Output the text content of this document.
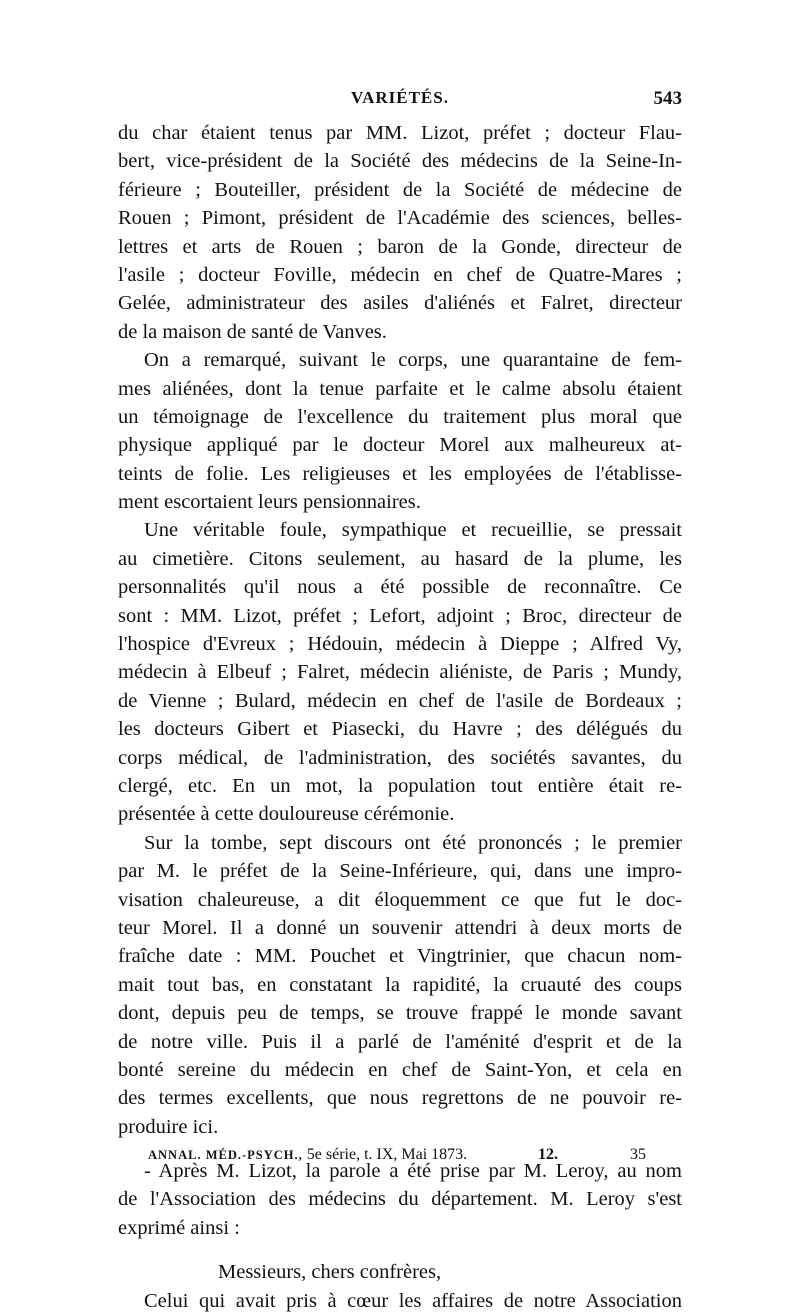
VARIÉTÉS.	543
du char étaient tenus par MM. Lizot, préfet ; docteur Flau-
bert, vice-président de la Société des médecins de la Seine-In-
férieure ; Bouteiller, président de la Société de médecine de
Rouen ; Pimont, président de l'Académie des sciences, belles-
lettres et arts de Rouen ; baron de la Gonde, directeur de
l'asile ; docteur Foville, médecin en chef de Quatre-Mares ;
Gelée, administrateur des asiles d'aliénés et Falret, directeur
de la maison de santé de Vanves.
On a remarqué, suivant le corps, une quarantaine de fem-
mes aliénées, dont la tenue parfaite et le calme absolu étaient
un témoignage de l'excellence du traitement plus moral que
physique appliqué par le docteur Morel aux malheureux at-
teints de folie. Les religieuses et les employées de l'établisse-
ment escortaient leurs pensionnaires.
Une véritable foule, sympathique et recueillie, se pressait
au cimetière. Citons seulement, au hasard de la plume, les
personnalités qu'il nous a été possible de reconnaître. Ce
sont : MM. Lizot, préfet ; Lefort, adjoint ; Broc, directeur de
l'hospice d'Evreux ; Hédouin, médecin à Dieppe ; Alfred Vy,
médecin à Elbeuf ; Falret, médecin aliéniste, de Paris ; Mundy,
de Vienne ; Bulard, médecin en chef de l'asile de Bordeaux ;
les docteurs Gibert et Piasecki, du Havre ; des délégués du
corps médical, de l'administration, des sociétés savantes, du
clergé, etc. En un mot, la population tout entière était re-
présentée à cette douloureuse cérémonie.
Sur la tombe, sept discours ont été prononcés ; le premier
par M. le préfet de la Seine-Inférieure, qui, dans une impro-
visation chaleureuse, a dit éloquemment ce que fut le doc-
teur Morel. Il a donné un souvenir attendri à deux morts de
fraîche date : MM. Pouchet et Vingtrinier, que chacun nom-
mait tout bas, en constatant la rapidité, la cruauté des coups
dont, depuis peu de temps, se trouve frappé le monde savant
de notre ville. Puis il a parlé de l'aménité d'esprit et de la
bonté sereine du médecin en chef de Saint-Yon, et cela en
des termes excellents, que nous regrettons de ne pouvoir re-
produire ici.
- Après M. Lizot, la parole a été prise par M. Leroy, au nom
de l'Association des médecins du département. M. Leroy s'est
exprimé ainsi :
Messieurs, chers confrères,
Celui qui avait pris à cœur les affaires de notre Association
ANNAL. MÉD.-PSYCH., 5e série, t. IX, Mai 1873.	12.	35
